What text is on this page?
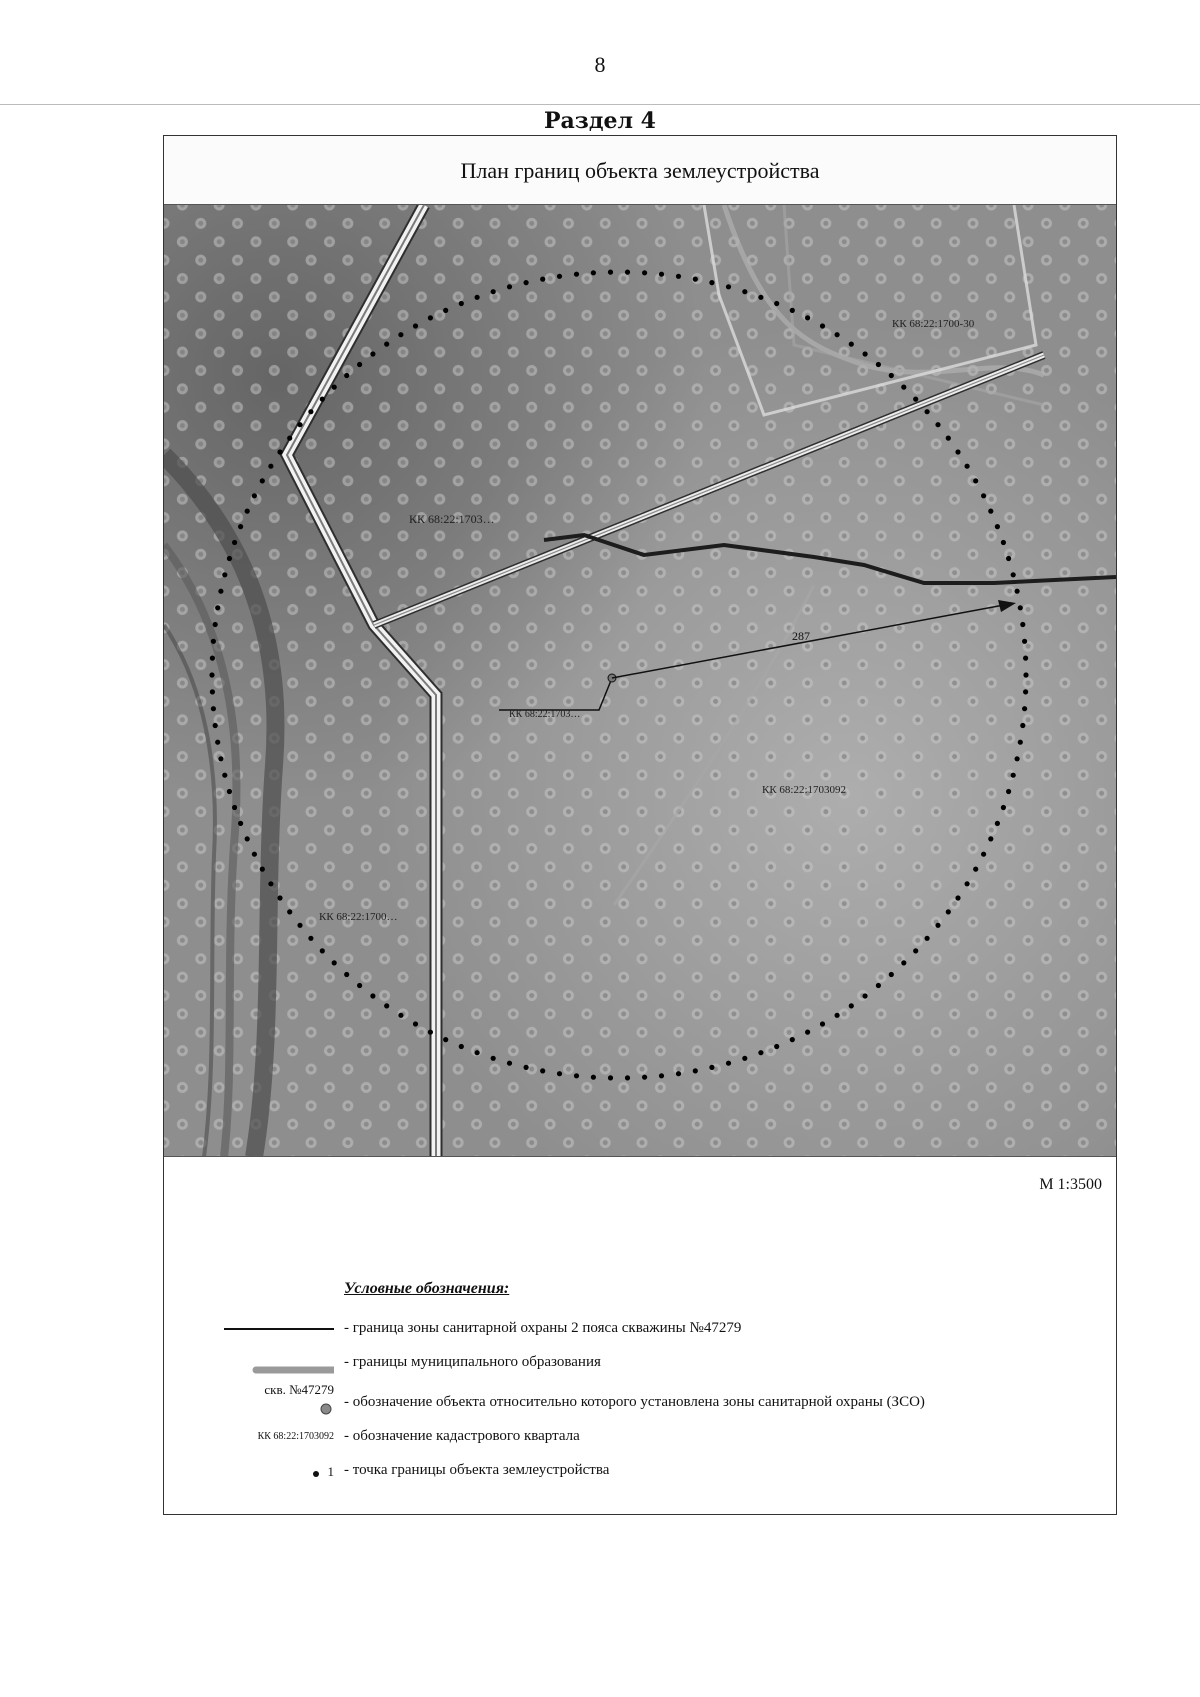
8
Раздел 4
План границ объекта землеустройства
287
КК 68:22:1700-30
КК 68:22:1703…
КК 68:22:1703…
КК 68:22:1703092
КК 68:22:1700…
М 1:3500
Условные обозначения:
- граница зоны санитарной охраны 2 пояса скважины №47279
- границы муниципального образования
скв. №47279
- обозначение объекта относительно которого установлена зоны санитарной охраны (ЗСО)
КК 68:22:1703092 - обозначение кадастрового квартала
1 - точка границы объекта землеустройства
